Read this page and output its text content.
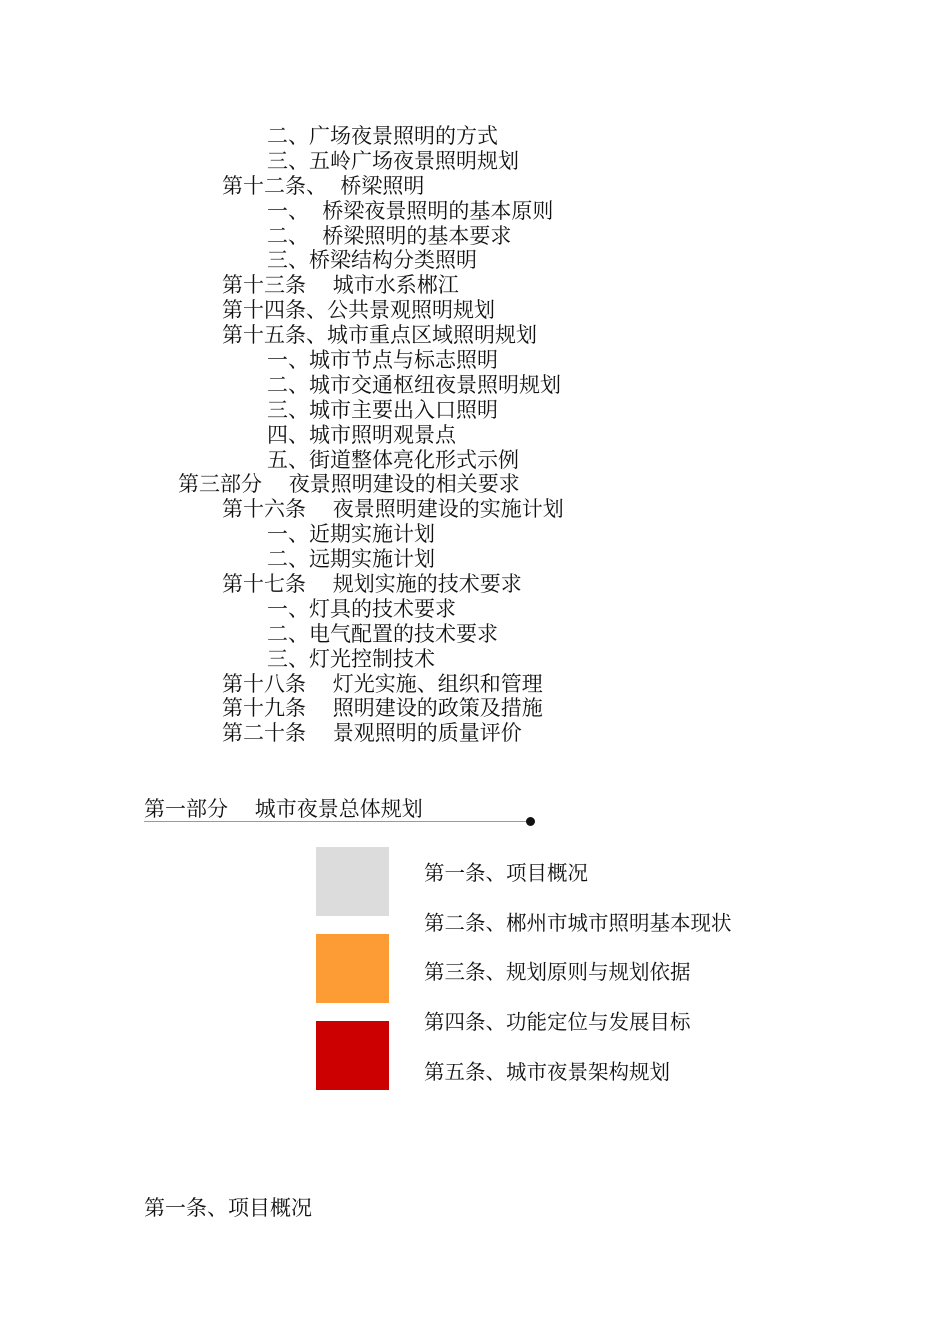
二、广场夜景照明的方式
三、五岭广场夜景照明规划
第十二条、  桥梁照明
一、  桥梁夜景照明的基本原则
二、  桥梁照明的基本要求
三、桥梁结构分类照明
第十三条    城市水系郴江
第十四条、公共景观照明规划
第十五条、城市重点区域照明规划
一、城市节点与标志照明
二、城市交通枢纽夜景照明规划
三、城市主要出入口照明
四、城市照明观景点
五、街道整体亮化形式示例
第三部分    夜景照明建设的相关要求
第十六条    夜景照明建设的实施计划
一、近期实施计划
二、远期实施计划
第十七条    规划实施的技术要求
一、灯具的技术要求
二、电气配置的技术要求
三、灯光控制技术
第十八条    灯光实施、组织和管理
第十九条    照明建设的政策及措施
第二十条    景观照明的质量评价
第一部分    城市夜景总体规划
第一条、项目概况
第二条、郴州市城市照明基本现状
第三条、规划原则与规划依据
第四条、功能定位与发展目标
第五条、城市夜景架构规划
第一条、项目概况
